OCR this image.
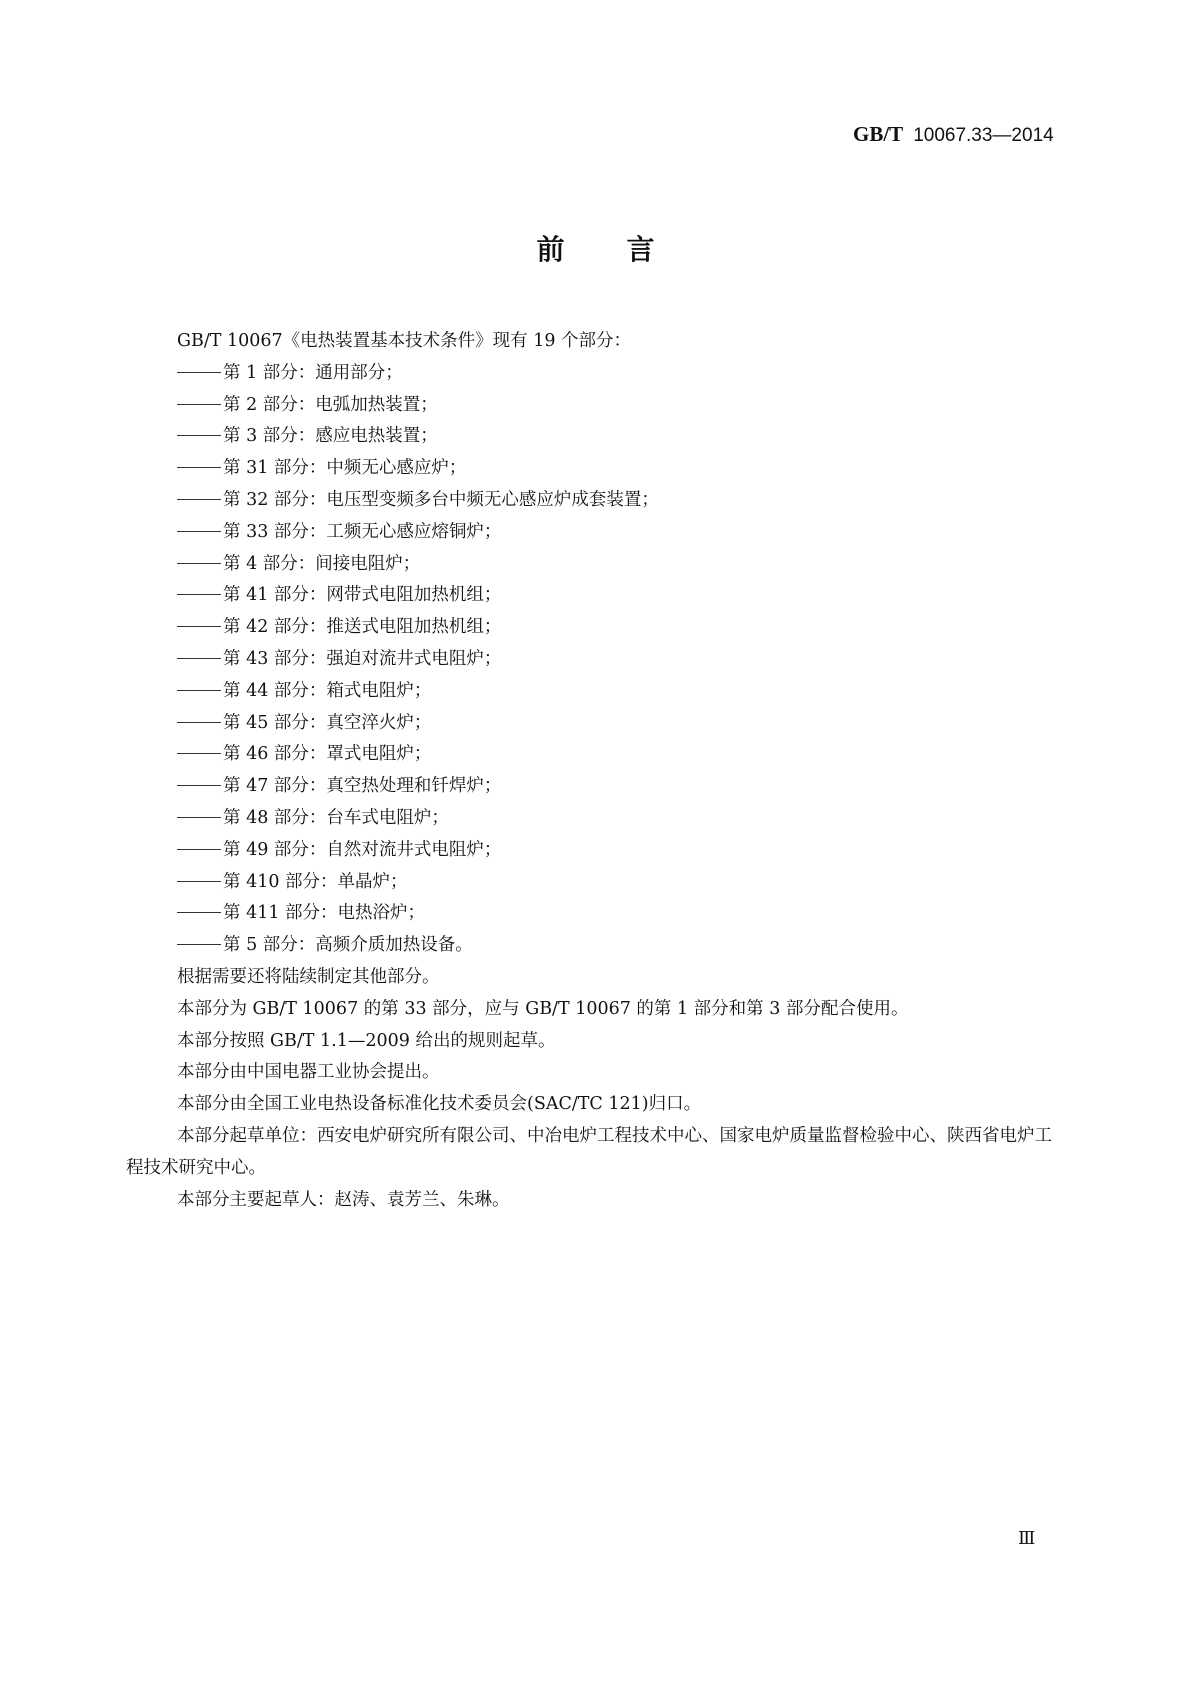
GB/T 10067.33—2014
前 言
GB/T 10067《电热装置基本技术条件》现有 19 个部分：
第 1 部分：通用部分；
第 2 部分：电弧加热装置；
第 3 部分：感应电热装置；
第 31 部分：中频无心感应炉；
第 32 部分：电压型变频多台中频无心感应炉成套装置；
第 33 部分：工频无心感应熔铜炉；
第 4 部分：间接电阻炉；
第 41 部分：网带式电阻加热机组；
第 42 部分：推送式电阻加热机组；
第 43 部分：强迫对流井式电阻炉；
第 44 部分：箱式电阻炉；
第 45 部分：真空淬火炉；
第 46 部分：罩式电阻炉；
第 47 部分：真空热处理和钎焊炉；
第 48 部分：台车式电阻炉；
第 49 部分：自然对流井式电阻炉；
第 410 部分：单晶炉；
第 411 部分：电热浴炉；
第 5 部分：高频介质加热设备。
根据需要还将陆续制定其他部分。
本部分为 GB/T 10067 的第 33 部分，应与 GB/T 10067 的第 1 部分和第 3 部分配合使用。
本部分按照 GB/T 1.1—2009 给出的规则起草。
本部分由中国电器工业协会提出。
本部分由全国工业电热设备标准化技术委员会(SAC/TC 121)归口。
本部分起草单位：西安电炉研究所有限公司、中冶电炉工程技术中心、国家电炉质量监督检验中心、陕西省电炉工程技术研究中心。
本部分主要起草人：赵涛、袁芳兰、朱琳。
Ⅲ
